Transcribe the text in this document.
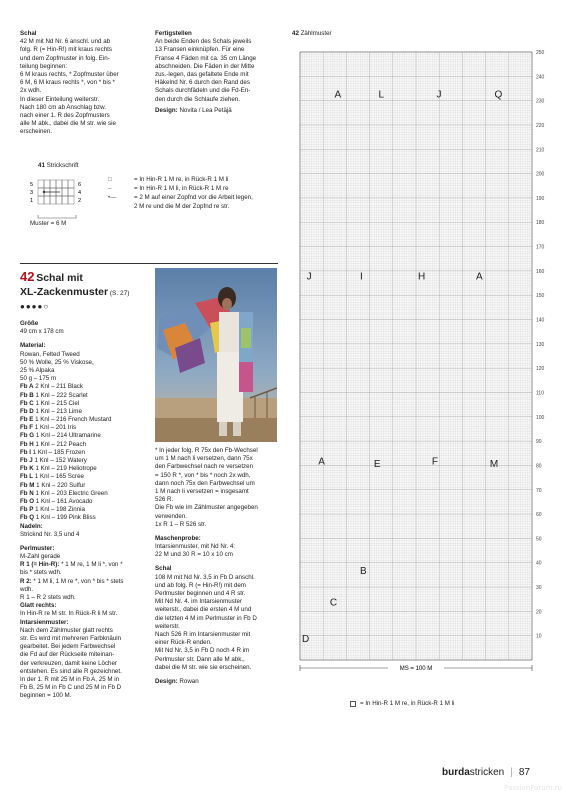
Schal
42 M mit Nd Nr. 6 anschl. und ab
folg. R (= Hin-R!) mit kraus rechts
und dem Zopfmuster in folg. Ein-
teilung beginnen:
6 M kraus rechts, * Zopfmuster über
6 M, 6 M kraus rechts *, von * bis *
2x wdh.
In dieser Einteilung weiterstr.
Nach 180 cm ab Anschlag bzw.
nach einer 1. R des Zopfmusters
alle M abk., dabei die M str. wie sie
erscheinen.
Fertigstellen
An beide Enden des Schals jeweils
13 Fransen einknüpfen. Für eine
Franse 4 Fäden mit ca. 35 cm Länge
abschneiden. Die Fäden in der Mitte
zus.-legen, das gefaltete Ende mit
Häkelnd Nr. 6 durch den Rand des
Schals durchfädeln und die Fd-En-
den durch die Schlaufe ziehen.
Design: Novita / Lea Petäjä
41 Strickschrift
5
3
1
6
4
2
□	= In Hin-R 1 M re, in Rück-R 1 M li
–	= In Hin-R 1 M li, in Rück-R 1 M re
•—	= 2 M auf einer Zopfnd vor die Arbeit legen,
2 M re und die M der Zopfnd re str.
Muster = 6 M
42 Schal mit
XL-Zackenmuster (S. 27)
●●●●○
Größe
49 cm x 178 cm
Material:
Rowan, Felted Tweed
50 % Wolle, 25 % Viskose,
25 % Alpaka
50 g – 175 m
Fb A 2 Knl – 211 Black
Fb B 1 Knl – 222 Scarlet
Fb C 1 Knl – 215 Ciel
Fb D 1 Knl – 213 Lime
Fb E 1 Knl – 216 French Mustard
Fb F 1 Knl – 201 Iris
Fb G 1 Knl – 214 Ultramarine
Fb H 1 Knl – 212 Peach
Fb I 1 Knl – 185 Frozen
Fb J 1 Knl – 152 Watery
Fb K 1 Knl – 219 Heliotrope
Fb L 1 Knl – 165 Scree
Fb M 1 Knl – 220 Sulfur
Fb N 1 Knl – 203 Electric Green
Fb O 1 Knl – 161 Avocado
Fb P 1 Knl – 198 Zinnia
Fb Q 1 Knl – 199 Pink Bliss
Nadeln:
Stricknd Nr. 3,5 und 4
Perlmuster:
M-Zahl gerade
R 1 (= Hin-R): * 1 M re, 1 M li *, von *
bis * stets wdh.
R 2: * 1 M li, 1 M re *, von * bis * stets
wdh.
R 1 – R 2 stets wdh.
Glatt rechts:
In Hin-R re M str. In Rück-R li M str.
Intarsienmuster:
Nach dem Zählmuster glatt rechts
str. Es wird mit mehreren Farbknäuln
gearbeitet. Bei jedem Farbwechsel
die Fd auf der Rückseite miteinan-
der verkreuzen, damit keine Löcher
entstehen. Es sind alle R gezeichnet.
In der 1. R mit 25 M in Fb A, 25 M in
Fb B, 25 M in Fb C und 25 M in Fb D
beginnen = 100 M.
* In jeder folg. R 75x den Fb-Wechsel
um 1 M nach li versetzen, dann 75x
den Farbwechsel nach re versetzen
= 150 R *, von * bis * noch 2x wdh,
dann noch 75x den Farbwechsel um
1 M nach li versetzen = insgesamt
526 R.
Die Fb wie im Zählmuster angegeben
verwenden.
1x R 1 – R 526 str.
Maschenprobe:
Intarsienmuster, mit Nd Nr. 4:
22 M und 30 R = 10 x 10 cm
Schal
108 M mit Nd Nr. 3,5 in Fb D anschl.
und ab folg. R (= Hin-R!) mit dem
Perlmuster beginnen und 4 R str.
Mit Nd Nr. 4. im Intarsienmuster
weiterstr., dabei die ersten 4 M und
die letzten 4 M im Perlmuster in Fb D
weiterstr.
Nach 526 R im Intarsienmuster mit
einer Rück-R enden.
Mit Nd Nr. 3,5 in Fb D noch 4 R im
Perlmuster str. Dann alle M abk.,
dabei die M str. wie sie erscheinen.
Design: Rowan
42 Zählmuster
A	L	J	Q
J	I	H	A
A	E	F	M
B
C
D
250
240
230
220
210
200
190
180
170
160
150
140
130
120
110
100
90
80
70
60
50
40
30
20
10
MS = 100 M
= In Hin-R 1 M re, in Rück-R 1 M li
burdastricken | 87
PassionForum.ru
